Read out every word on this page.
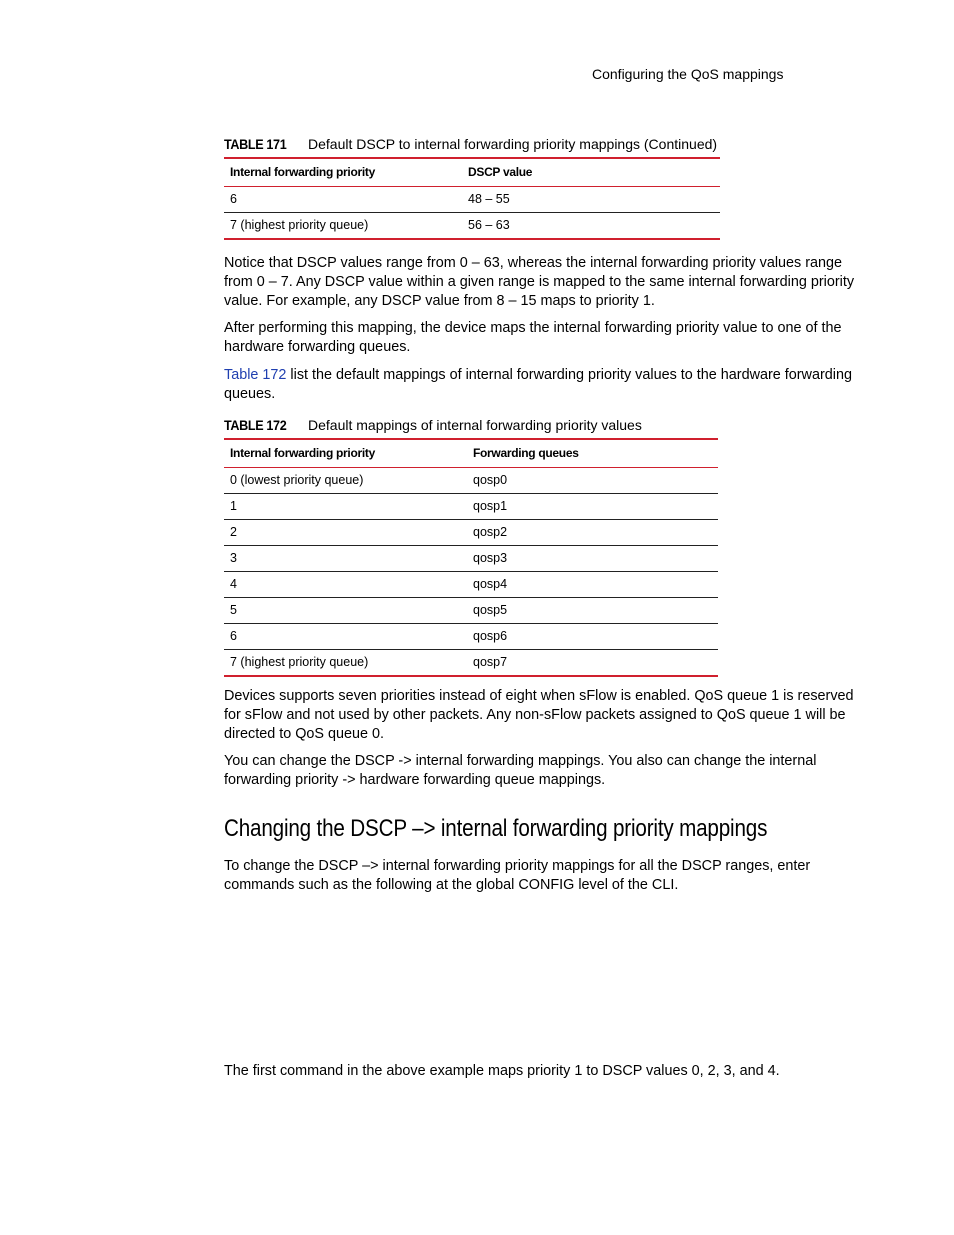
Configuring the QoS mappings
TABLE 171 Default DSCP to internal forwarding priority mappings (Continued)
Internal forwarding priority	DSCP value
6	48 – 55
7 (highest priority queue)	56 – 63

Notice that DSCP values range from 0 – 63, whereas the internal forwarding priority values range from 0 – 7. Any DSCP value within a given range is mapped to the same internal forwarding priority value. For example, any DSCP value from 8 – 15 maps to priority 1.

After performing this mapping, the device maps the internal forwarding priority value to one of the hardware forwarding queues.

Table 172 list the default mappings of internal forwarding priority values to the hardware forwarding queues.

TABLE 172 Default mappings of internal forwarding priority values
Internal forwarding priority	Forwarding queues
0 (lowest priority queue)	qosp0
1	qosp1
2	qosp2
3	qosp3
4	qosp4
5	qosp5
6	qosp6
7 (highest priority queue)	qosp7

Devices supports seven priorities instead of eight when sFlow is enabled. QoS queue 1 is reserved for sFlow and not used by other packets. Any non-sFlow packets assigned to QoS queue 1 will be directed to QoS queue 0.

You can change the DSCP -> internal forwarding mappings. You also can change the internal forwarding priority -> hardware forwarding queue mappings.

Changing the DSCP –> internal forwarding priority mappings

To change the DSCP –> internal forwarding priority mappings for all the DSCP ranges, enter commands such as the following at the global CONFIG level of the CLI.

The first command in the above example maps priority 1 to DSCP values 0, 2, 3, and 4.
